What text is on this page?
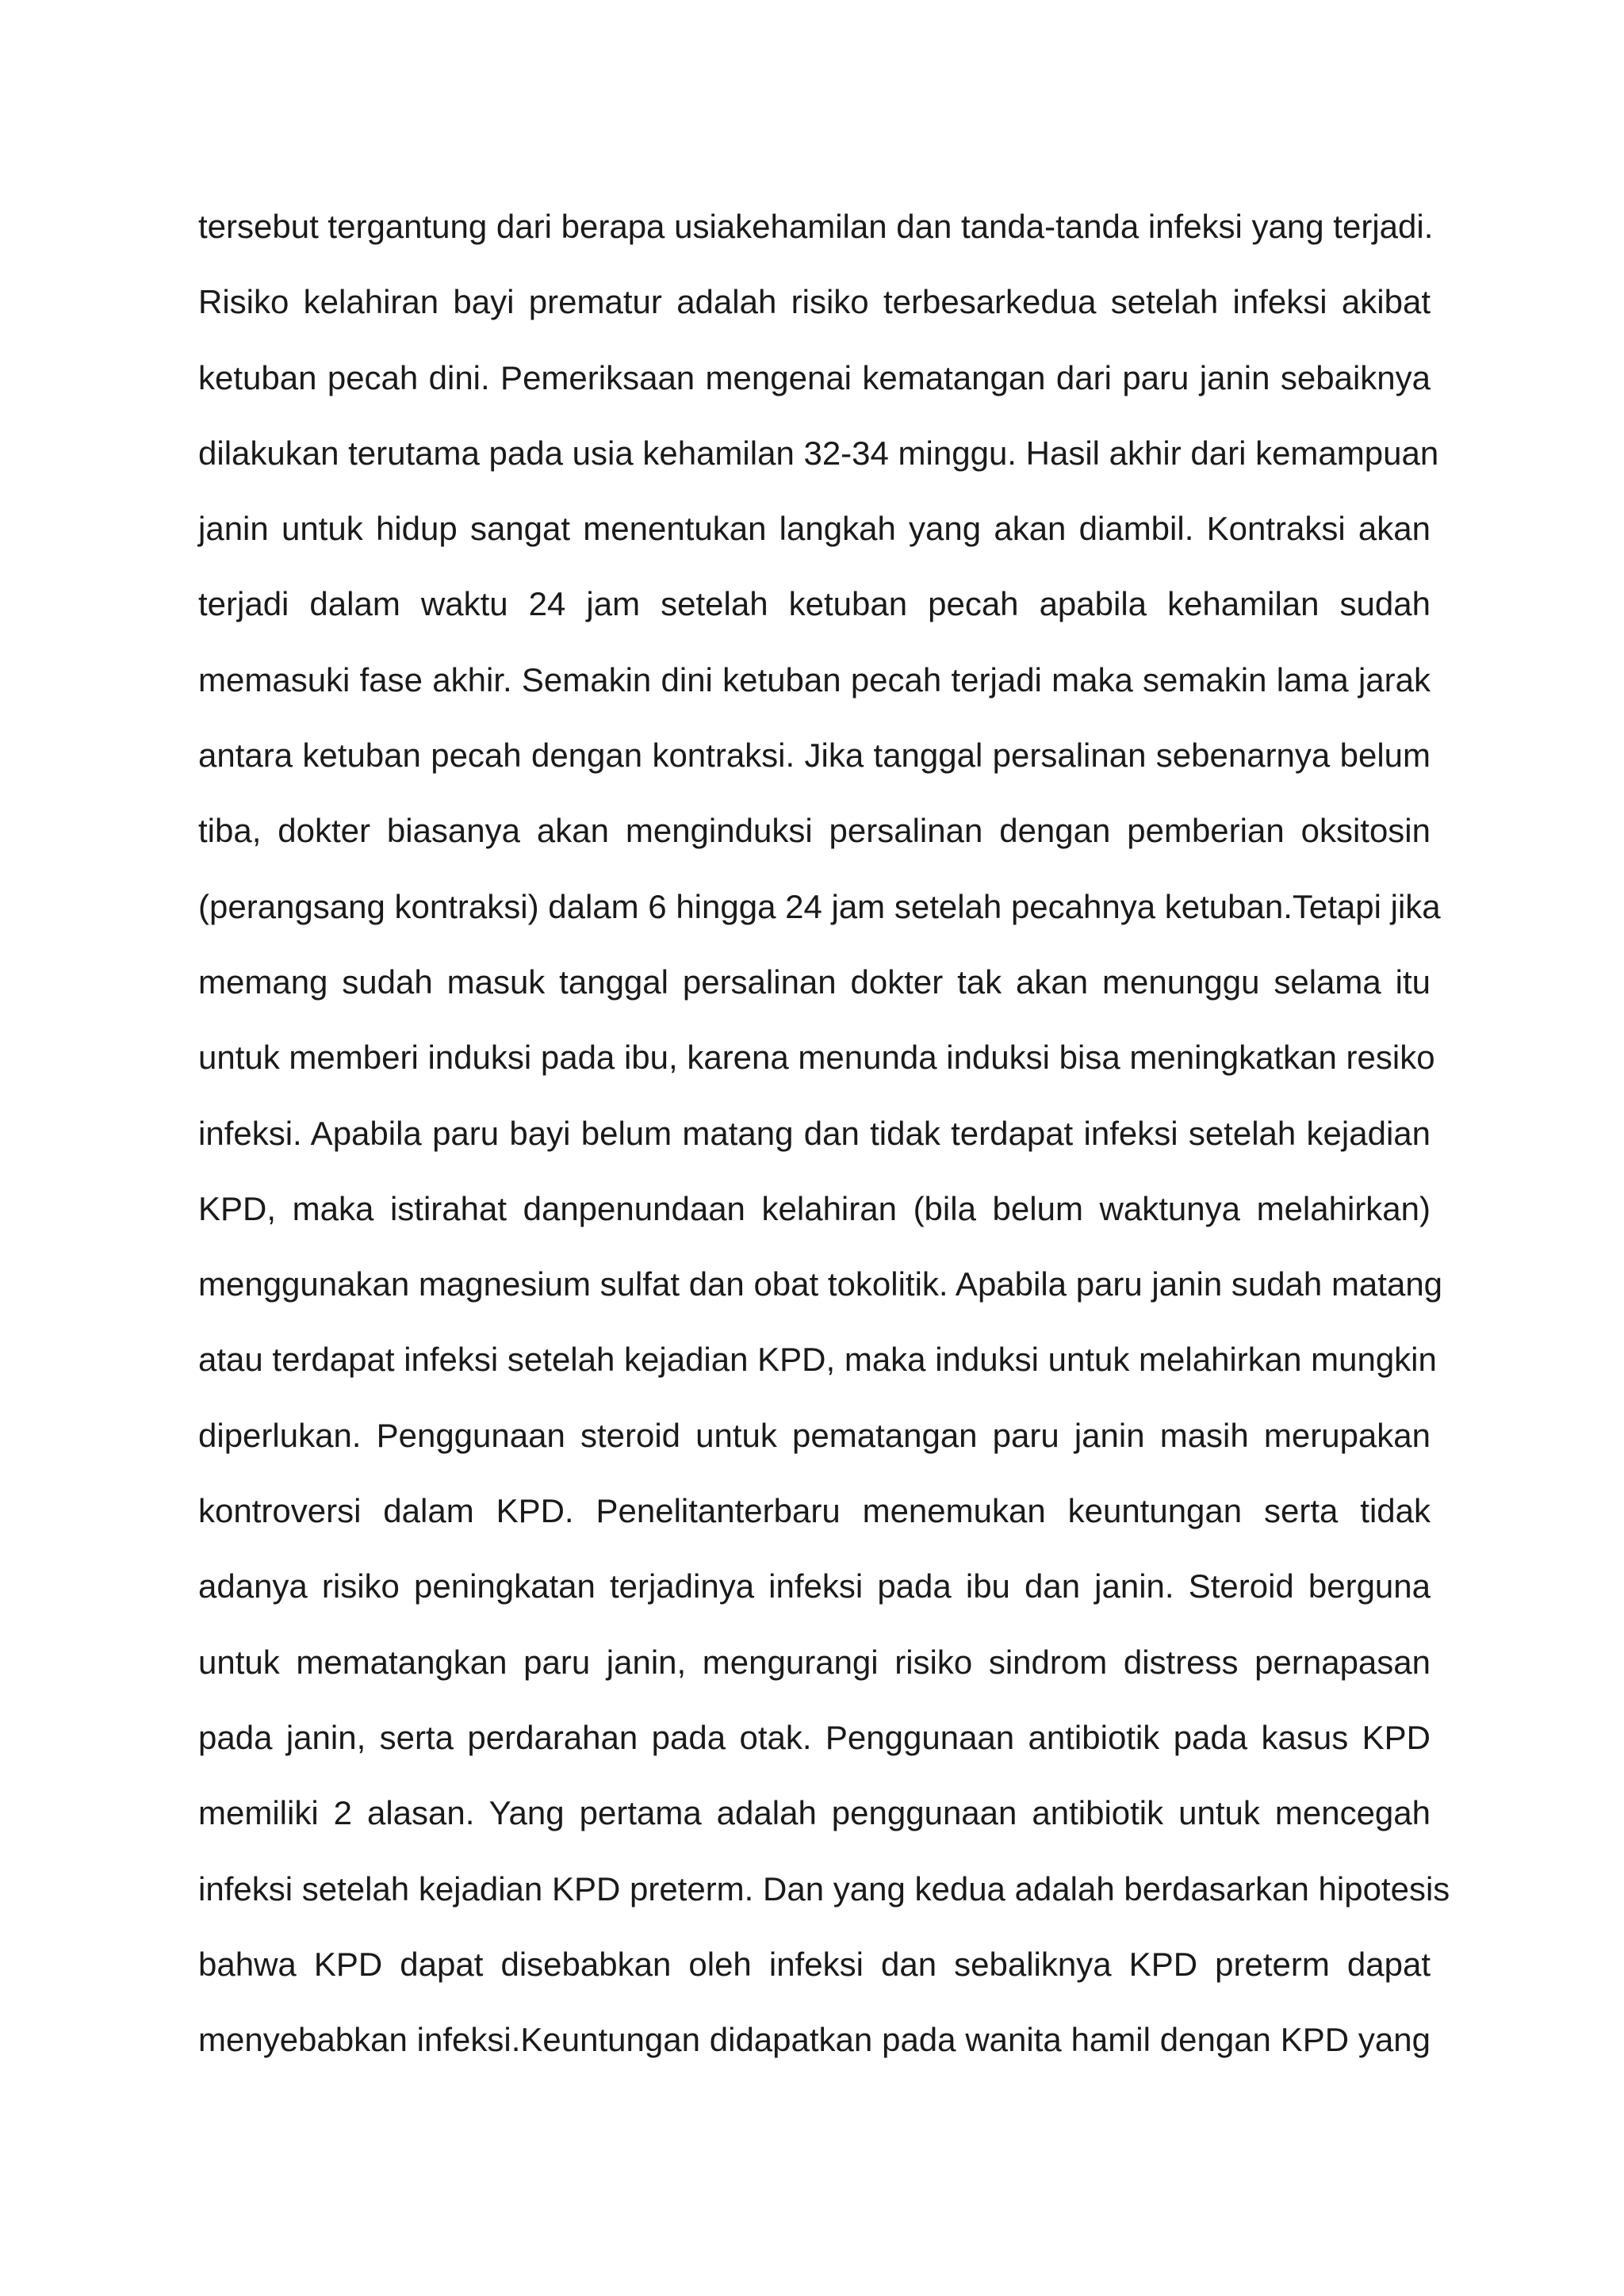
tersebut tergantung dari berapa usiakehamilan dan tanda-tanda infeksi yang terjadi.
Risiko kelahiran bayi prematur adalah risiko terbesarkedua setelah infeksi akibat
ketuban pecah dini. Pemeriksaan mengenai kematangan dari paru janin sebaiknya
dilakukan terutama pada usia kehamilan 32-34 minggu. Hasil akhir dari kemampuan
janin untuk hidup sangat menentukan langkah yang akan diambil. Kontraksi akan
terjadi dalam waktu 24 jam setelah ketuban pecah apabila kehamilan sudah
memasuki fase akhir. Semakin dini ketuban pecah terjadi maka semakin lama jarak
antara ketuban pecah dengan kontraksi. Jika tanggal persalinan sebenarnya belum
tiba, dokter biasanya akan menginduksi persalinan dengan pemberian oksitosin
(perangsang kontraksi) dalam 6 hingga 24 jam setelah pecahnya ketuban.Tetapi jika
memang sudah masuk tanggal persalinan dokter tak akan menunggu selama itu
untuk memberi induksi pada ibu, karena menunda induksi bisa meningkatkan resiko
infeksi. Apabila paru bayi belum matang dan tidak terdapat infeksi setelah kejadian
KPD, maka istirahat danpenundaan kelahiran (bila belum waktunya melahirkan)
menggunakan magnesium sulfat dan obat tokolitik. Apabila paru janin sudah matang
atau terdapat infeksi setelah kejadian KPD, maka induksi untuk melahirkan mungkin
diperlukan. Penggunaan steroid untuk pematangan paru janin masih merupakan
kontroversi dalam KPD. Penelitanterbaru menemukan keuntungan serta tidak
adanya risiko peningkatan terjadinya infeksi pada ibu dan janin. Steroid berguna
untuk mematangkan paru janin, mengurangi risiko sindrom distress pernapasan
pada janin, serta perdarahan pada otak. Penggunaan antibiotik pada kasus KPD
memiliki 2 alasan. Yang pertama adalah penggunaan antibiotik untuk mencegah
infeksi setelah kejadian KPD preterm. Dan yang kedua adalah berdasarkan hipotesis
bahwa KPD dapat disebabkan oleh infeksi dan sebaliknya KPD preterm dapat
menyebabkan infeksi.Keuntungan didapatkan pada wanita hamil dengan KPD yang
